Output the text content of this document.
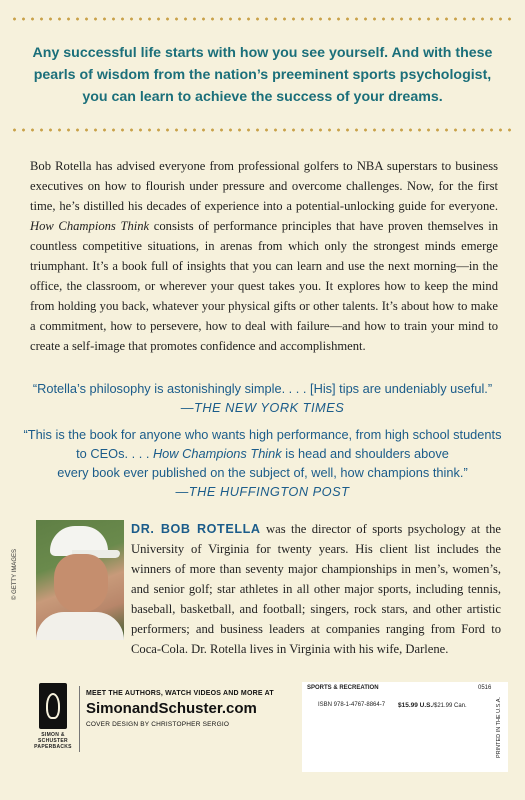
Any successful life starts with how you see yourself. And with these
pearls of wisdom from the nation’s preeminent sports psychologist,
you can learn to achieve the success of your dreams.
Bob Rotella has advised everyone from professional golfers to NBA superstars to business executives on how to flourish under pressure and overcome challenges. Now, for the first time, he’s distilled his decades of experience into a potential-unlocking guide for everyone. How Champions Think consists of performance principles that have proven themselves in countless competitive situations, in arenas from which only the strongest minds emerge triumphant. It’s a book full of insights that you can learn and use the next morning—in the office, the classroom, or wherever your quest takes you. It explores how to keep the mind from holding you back, whatever your physical gifts or other talents. It’s about how to make a commitment, how to persevere, how to deal with failure—and how to train your mind to create a self-image that promotes confidence and accomplishment.
“Rotella’s philosophy is astonishingly simple. . . . [His] tips are undeniably useful.”
—THE NEW YORK TIMES
“This is the book for anyone who wants high performance, from high school students
to CEOs. . . . How Champions Think is head and shoulders above
every book ever published on the subject of, well, how champions think.”
—THE HUFFINGTON POST
© GETTY IMAGES
DR. BOB ROTELLA was the director of sports psychology at the University of Virginia for twenty years. His client list includes the winners of more than seventy major championships in men’s, women’s, and senior golf; star athletes in all other major sports, including tennis, baseball, basketball, and football; singers, rock stars, and other artistic performers; and business leaders at companies ranging from Ford to Coca-Cola. Dr. Rotella lives in Virginia with his wife, Darlene.
SIMON &
SCHUSTER
PAPERBACKS
MEET THE AUTHORS, WATCH VIDEOS AND MORE AT
SimonandSchuster.com
COVER DESIGN BY CHRISTOPHER SERGIO
SPORTS & RECREATION	0516
ISBN 978-1-4767-8864-7 $15.99 U.S./$21.99 Can.	PRINTED IN THE U.S.A.
